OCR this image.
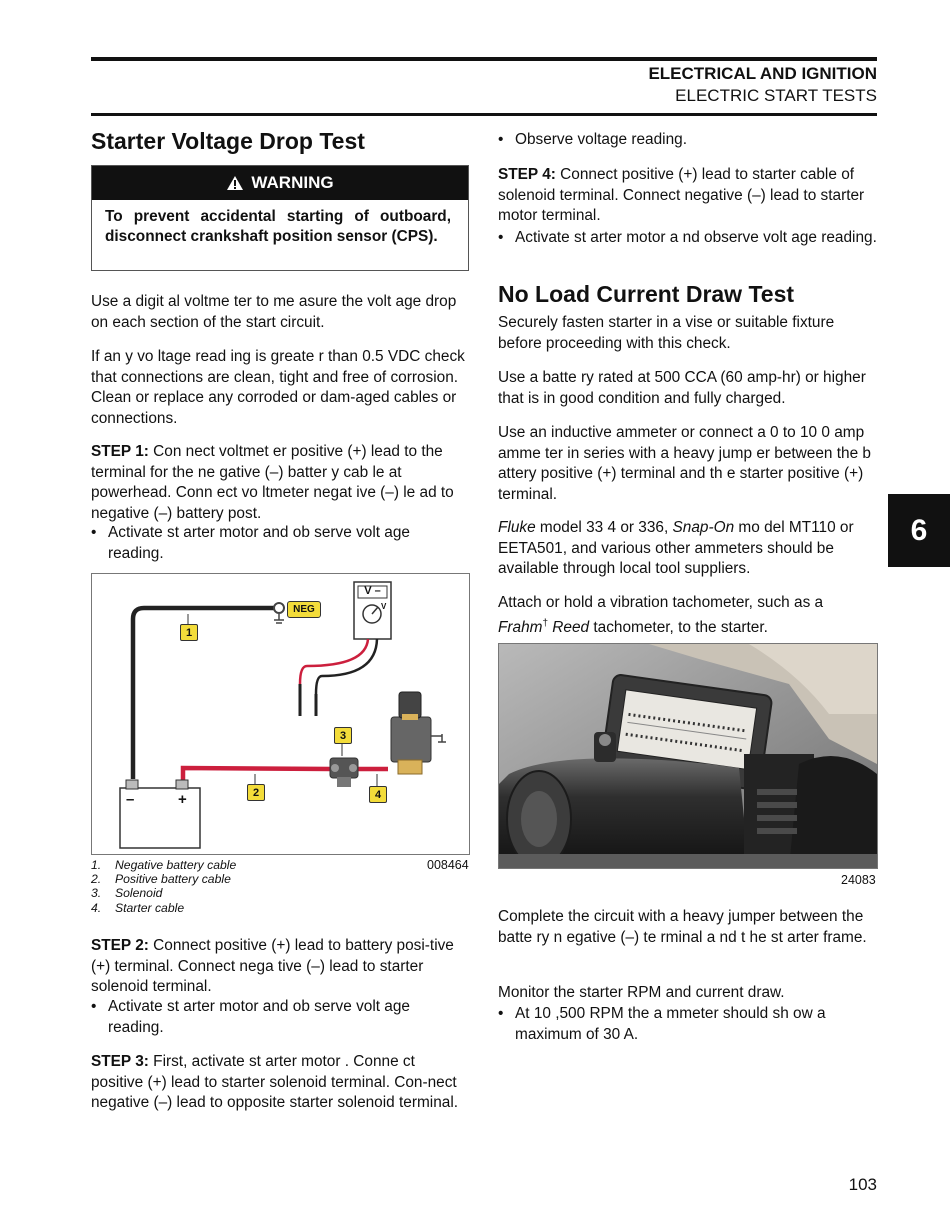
ELECTRICAL AND IGNITION
ELECTRIC START TESTS
Starter Voltage Drop Test
WARNING
To prevent accidental starting of outboard, disconnect crankshaft position sensor (CPS).

Use a digit al voltme ter to me asure the volt age drop on each section of the start circuit.

If an y vo ltage read ing is greate r than 0.5 VDC check that connections are clean, tight and free of corrosion. Clean or replace any corroded or dam-aged cables or connections.

STEP 1: Con nect voltmet er positive (+) lead to the terminal for the ne gative (–) batter y cab le at powerhead. Conn ect vo ltmeter negat ive (–) le ad to negative (–) battery post.

• Activate st arter motor and ob serve volt age reading.
NEG
V –
V
–	+
1
2
3
4
1. Negative battery cable
2. Positive battery cable
3. Solenoid
4. Starter cable
008464

STEP 2: Connect positive (+) lead to battery posi-tive (+) terminal. Connect nega tive (–) lead to starter solenoid terminal.

• Activate st arter motor and ob serve volt age reading.

STEP 3: First, activate st arter motor . Conne ct positive (+) lead to starter solenoid terminal. Con-nect negative (–) lead to opposite starter solenoid terminal.

• Observe voltage reading.

STEP 4: Connect positive (+) lead to starter cable of solenoid terminal. Connect negative (–) lead to starter motor terminal.

• Activate st arter motor a nd observe volt age reading.
No Load Current Draw Test

Securely fasten starter in a vise or suitable fixture before proceeding with this check.

Use a batte ry rated at 500 CCA (60 amp-hr) or higher that is in good condition and fully charged.

Use an inductive ammeter or connect a 0 to 10 0 amp amme ter in series with a heavy jump er between the b attery positive (+) terminal and th e starter positive (+) terminal.

Fluke model 33 4 or 336, Snap-On mo del MT110 or EETA501, and various other ammeters should be available through local tool suppliers.

Attach or hold a vibration tachometer, such as a Frahm† Reed tachometer, to the starter.

24083

Complete the circuit with a heavy jumper between the batte ry n egative (–) te rminal a nd t he st arter frame.

Monitor the starter RPM and current draw.

• At 10 ,500 RPM the a mmeter should sh ow a maximum of 30 A.
6
103
